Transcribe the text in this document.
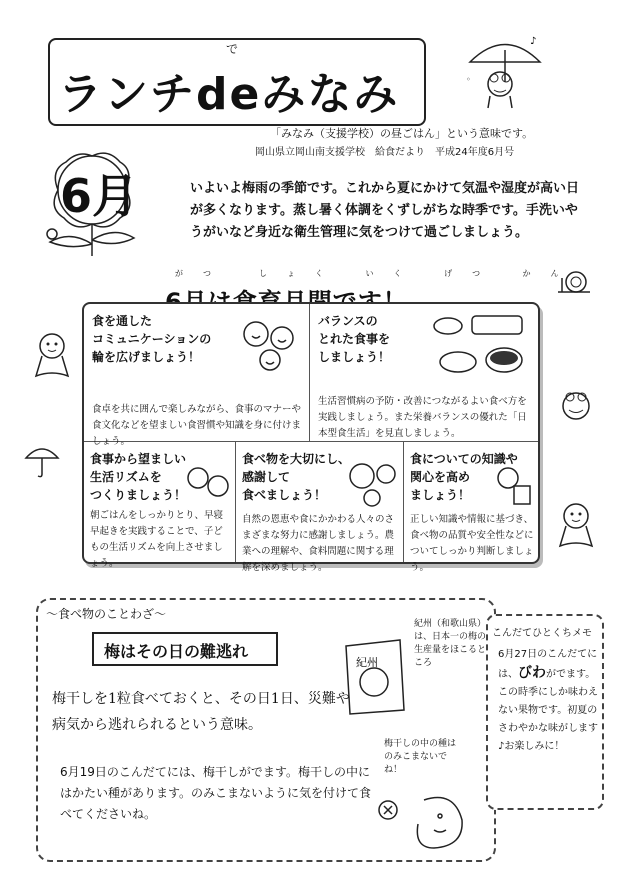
で
ランチdeみなみ
♪
◦
「みなみ（支援学校）の昼ごはん」という意味です。
岡山県立岡山南支援学校　給食だより　平成24年度6月号
6月	いよいよ梅雨の季節です。これから夏にかけて気温や湿度が高い日が多くなります。蒸し暑く体調をくずしがちな時季です。手洗いやうがいなど身近な衛生管理に気をつけて過ごしましょう。
がつ　しょく いく げつ かん
食を通した
コミュニケーションの
輪を広げましょう！
食卓を共に囲んで楽しみながら、食事のマナーや食文化などを望ましい食習慣や知識を身に付けましょう。
バランスの
とれた食事を
しましょう！
生活習慣病の予防・改善につながるよい食べ方を実践しましょう。また栄養バランスの優れた「日本型食生活」を見直しましょう。
食事から望ましい
生活リズムを
つくりましょう！
朝ごはんをしっかりとり、早寝早起きを実践することで、子どもの生活リズムを向上させましょう。
食べ物を大切にし、
感謝して
食べましょう！
自然の恩恵や食にかかわる人々のさまざまな努力に感謝しましょう。農業への理解や、食料問題に関する理解を深めましょう。
食についての知識や
関心を高め
ましょう！
正しい知識や情報に基づき、食べ物の品質や安全性などについてしっかり判断しましょう。
～食べ物のことわざ～
梅はその日の難逃れ
梅干しを1粒食べておくと、その日1日、災難や病気から逃れられるという意味。
6月19日のこんだてには、梅干しがでます。梅干しの中にはかたい種があります。のみこまないように気を付けて食べてくださいね。
紀州
紀州（和歌山県）は、日本一の梅の生産量をほこるところ
梅干しの中の種はのみこまないでね！
こんだてひとくちメモ
6月27日のこんだてには、びわがでます。この時季にしか味わえない果物です。初夏のさわやかな味がします♪お楽しみに！
